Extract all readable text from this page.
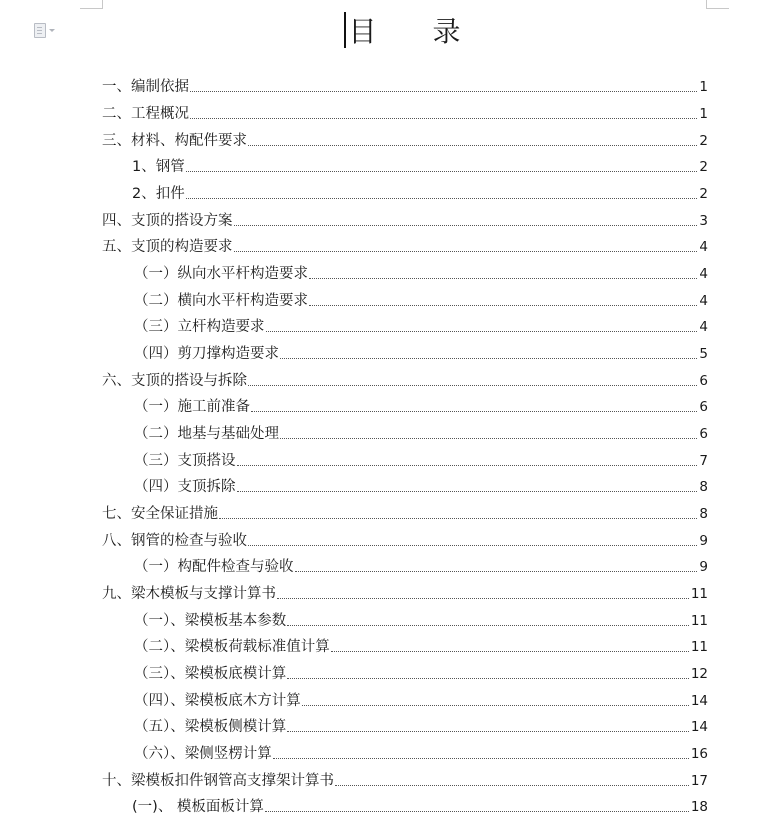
目 录
一、编制依据	1
二、工程概况	1
三、材料、构配件要求	2
1、钢管	2
2、扣件	2
四、支顶的搭设方案	3
五、支顶的构造要求	4
（一）纵向水平杆构造要求	4
（二）横向水平杆构造要求	4
（三）立杆构造要求	4
（四）剪刀撑构造要求	5
六、支顶的搭设与拆除	6
（一）施工前准备	6
（二）地基与基础处理	6
（三）支顶搭设	7
（四）支顶拆除	8
七、安全保证措施	8
八、钢管的检查与验收	9
（一）构配件检查与验收	9
九、梁木模板与支撑计算书	11
（一）、梁模板基本参数	11
（二）、梁模板荷载标准值计算	11
（三）、梁模板底模计算	12
（四）、梁模板底木方计算	14
（五）、梁模板侧模计算	14
（六）、梁侧竖楞计算	16
十、梁模板扣件钢管高支撑架计算书	17
(一)、 模板面板计算	18
